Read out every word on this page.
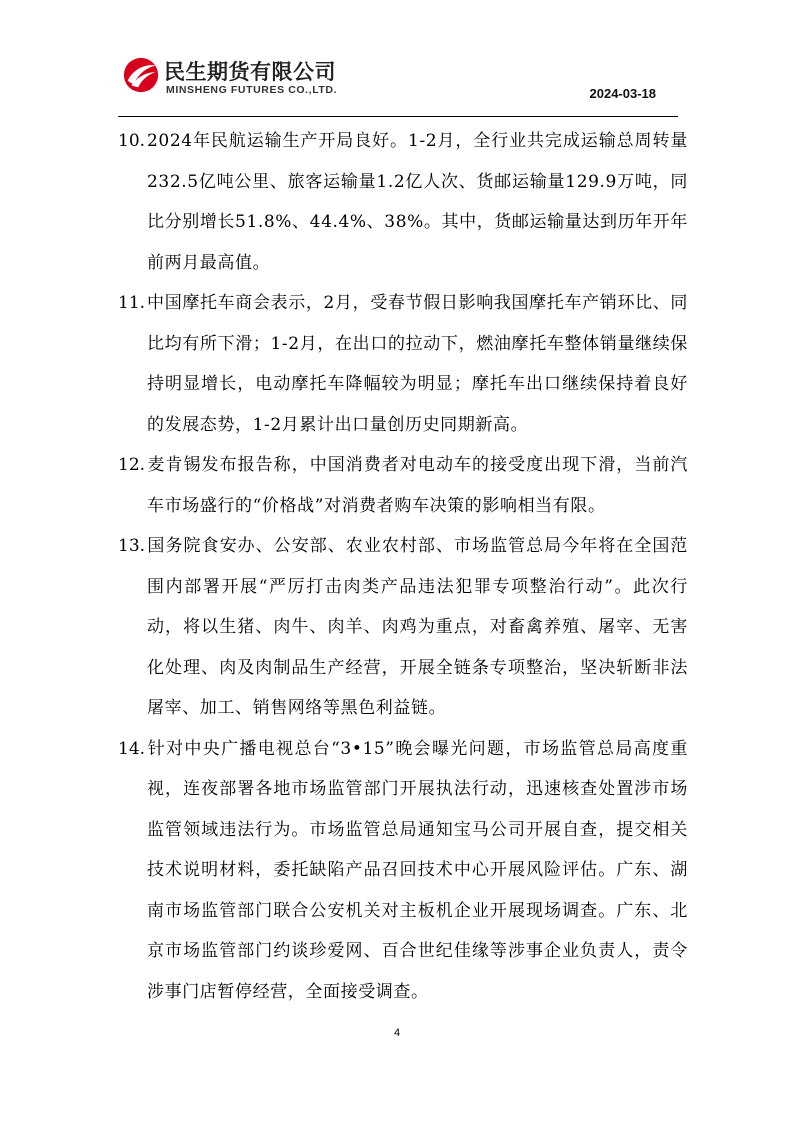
民生期货有限公司
MINSHENG FUTURES CO.,LTD.	2024-03-18

10. 2024年民航运输生产开局良好。1-2月，全行业共完成运输总周转量232.5亿吨公里、旅客运输量1.2亿人次、货邮运输量129.9万吨，同比分别增长51.8%、44.4%、38%。其中，货邮运输量达到历年开年前两月最高值。

11. 中国摩托车商会表示，2月，受春节假日影响我国摩托车产销环比、同比均有所下滑；1-2月，在出口的拉动下，燃油摩托车整体销量继续保持明显增长，电动摩托车降幅较为明显；摩托车出口继续保持着良好的发展态势，1-2月累计出口量创历史同期新高。

12. 麦肯锡发布报告称，中国消费者对电动车的接受度出现下滑，当前汽车市场盛行的“价格战”对消费者购车决策的影响相当有限。

13. 国务院食安办、公安部、农业农村部、市场监管总局今年将在全国范围内部署开展“严厉打击肉类产品违法犯罪专项整治行动”。此次行动，将以生猪、肉牛、肉羊、肉鸡为重点，对畜禽养殖、屠宰、无害化处理、肉及肉制品生产经营，开展全链条专项整治，坚决斩断非法屠宰、加工、销售网络等黑色利益链。

14. 针对中央广播电视总台“3•15”晚会曝光问题，市场监管总局高度重视，连夜部署各地市场监管部门开展执法行动，迅速核查处置涉市场监管领域违法行为。市场监管总局通知宝马公司开展自查，提交相关技术说明材料，委托缺陷产品召回技术中心开展风险评估。广东、湖南市场监管部门联合公安机关对主板机企业开展现场调查。广东、北京市场监管部门约谈珍爱网、百合世纪佳缘等涉事企业负责人，责令涉事门店暂停经营，全面接受调查。

4
